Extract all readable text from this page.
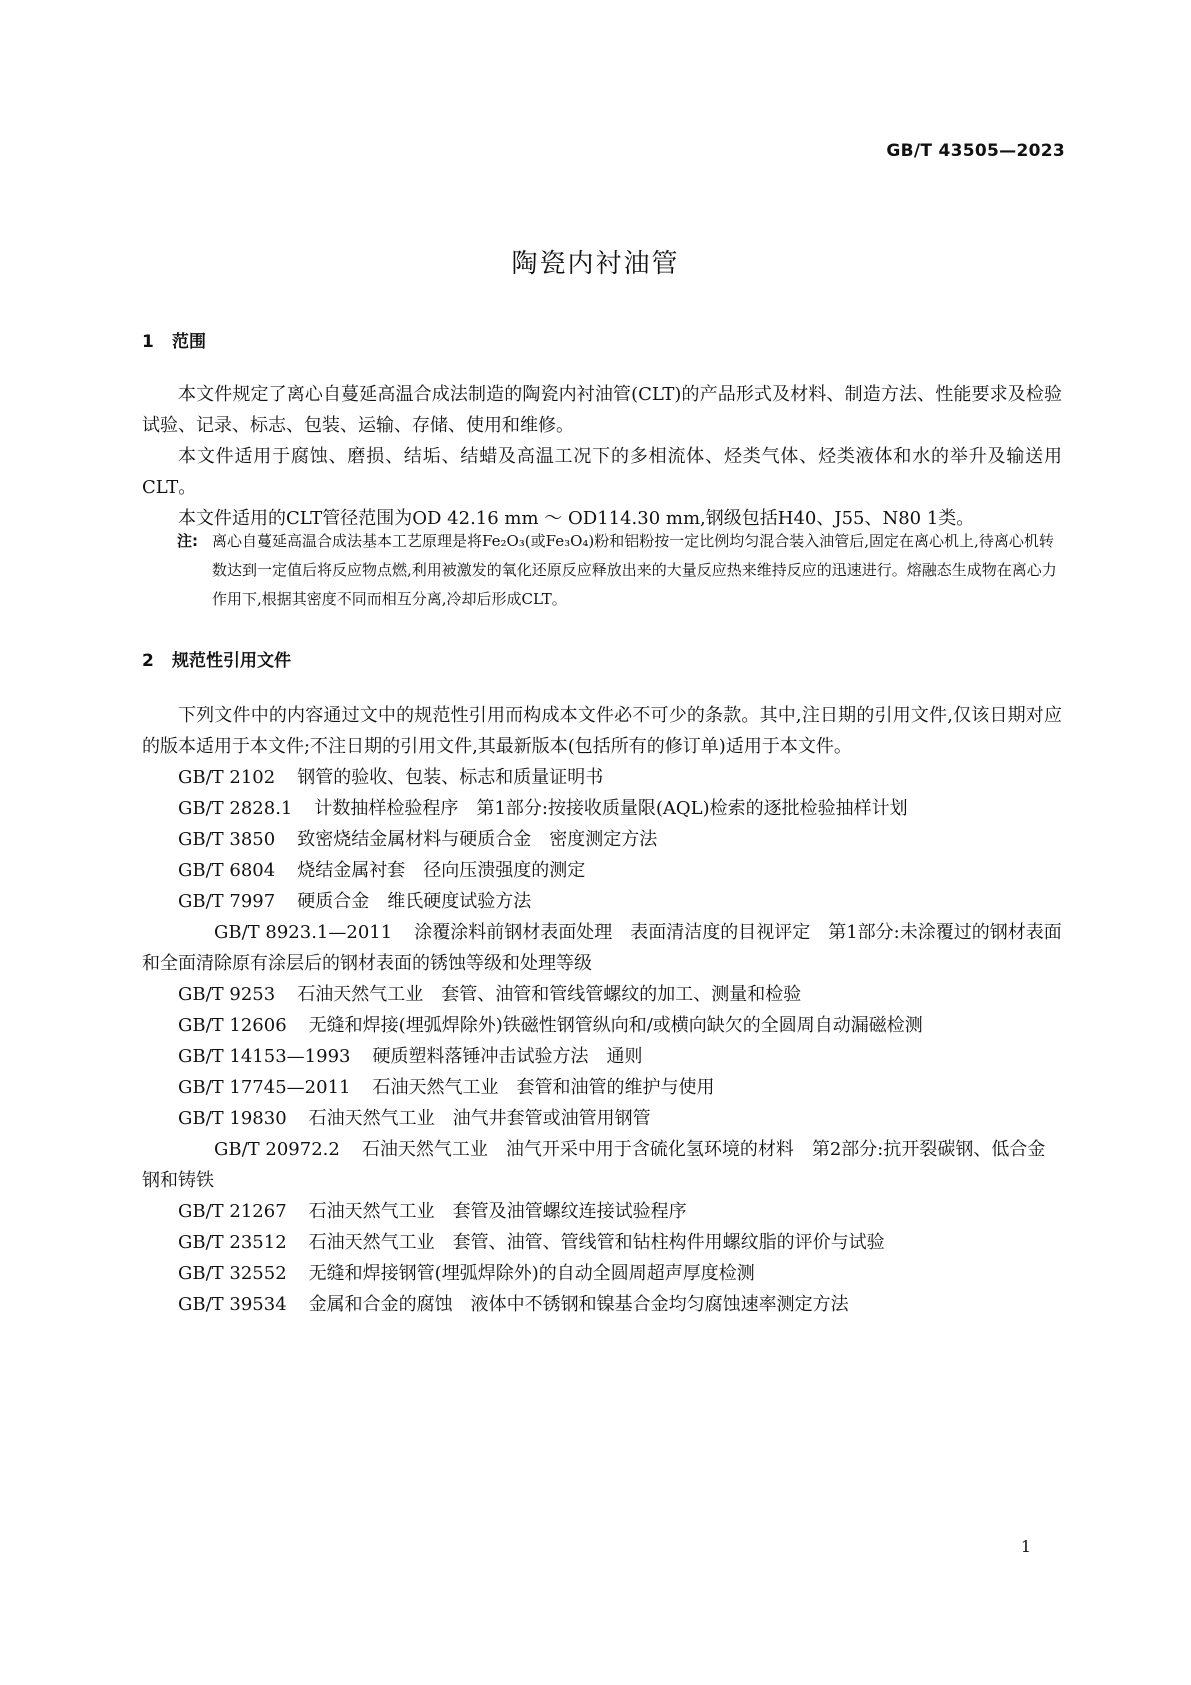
GB/T 43505—2023
陶瓷内衬油管
1 范围

本文件规定了离心自蔓延高温合成法制造的陶瓷内衬油管(CLT)的产品形式及材料、制造方法、性能要求及检验试验、记录、标志、包装、运输、存储、使用和维修。

本文件适用于腐蚀、磨损、结垢、结蜡及高温工况下的多相流体、烃类气体、烃类液体和水的举升及输送用CLT。

本文件适用的CLT管径范围为OD 42.16 mm ～ OD114.30 mm,钢级包括H40、J55、N80 1类。

注: 离心自蔓延高温合成法基本工艺原理是将Fe₂O₃(或Fe₃O₄)粉和铝粉按一定比例均匀混合装入油管后,固定在离心机上,待离心机转数达到一定值后将反应物点燃,利用被激发的氧化还原反应释放出来的大量反应热来维持反应的迅速进行。熔融态生成物在离心力作用下,根据其密度不同而相互分离,冷却后形成CLT。

2 规范性引用文件

下列文件中的内容通过文中的规范性引用而构成本文件必不可少的条款。其中,注日期的引用文件,仅该日期对应的版本适用于本文件;不注日期的引用文件,其最新版本(包括所有的修订单)适用于本文件。

GB/T 2102 钢管的验收、包装、标志和质量证明书

GB/T 2828.1 计数抽样检验程序　第1部分:按接收质量限(AQL)检索的逐批检验抽样计划

GB/T 3850 致密烧结金属材料与硬质合金　密度测定方法

GB/T 6804 烧结金属衬套　径向压溃强度的测定

GB/T 7997 硬质合金　维氏硬度试验方法

GB/T 8923.1—2011 涂覆涂料前钢材表面处理　表面清洁度的目视评定　第1部分:未涂覆过的钢材表面和全面清除原有涂层后的钢材表面的锈蚀等级和处理等级

GB/T 9253 石油天然气工业　套管、油管和管线管螺纹的加工、测量和检验

GB/T 12606 无缝和焊接(埋弧焊除外)铁磁性钢管纵向和/或横向缺欠的全圆周自动漏磁检测

GB/T 14153—1993 硬质塑料落锤冲击试验方法　通则

GB/T 17745—2011 石油天然气工业　套管和油管的维护与使用

GB/T 19830 石油天然气工业　油气井套管或油管用钢管

GB/T 20972.2 石油天然气工业　油气开采中用于含硫化氢环境的材料　第2部分:抗开裂碳钢、低合金钢和铸铁

GB/T 21267 石油天然气工业　套管及油管螺纹连接试验程序

GB/T 23512 石油天然气工业　套管、油管、管线管和钻柱构件用螺纹脂的评价与试验

GB/T 32552 无缝和焊接钢管(埋弧焊除外)的自动全圆周超声厚度检测

GB/T 39534 金属和合金的腐蚀　液体中不锈钢和镍基合金均匀腐蚀速率测定方法

1
